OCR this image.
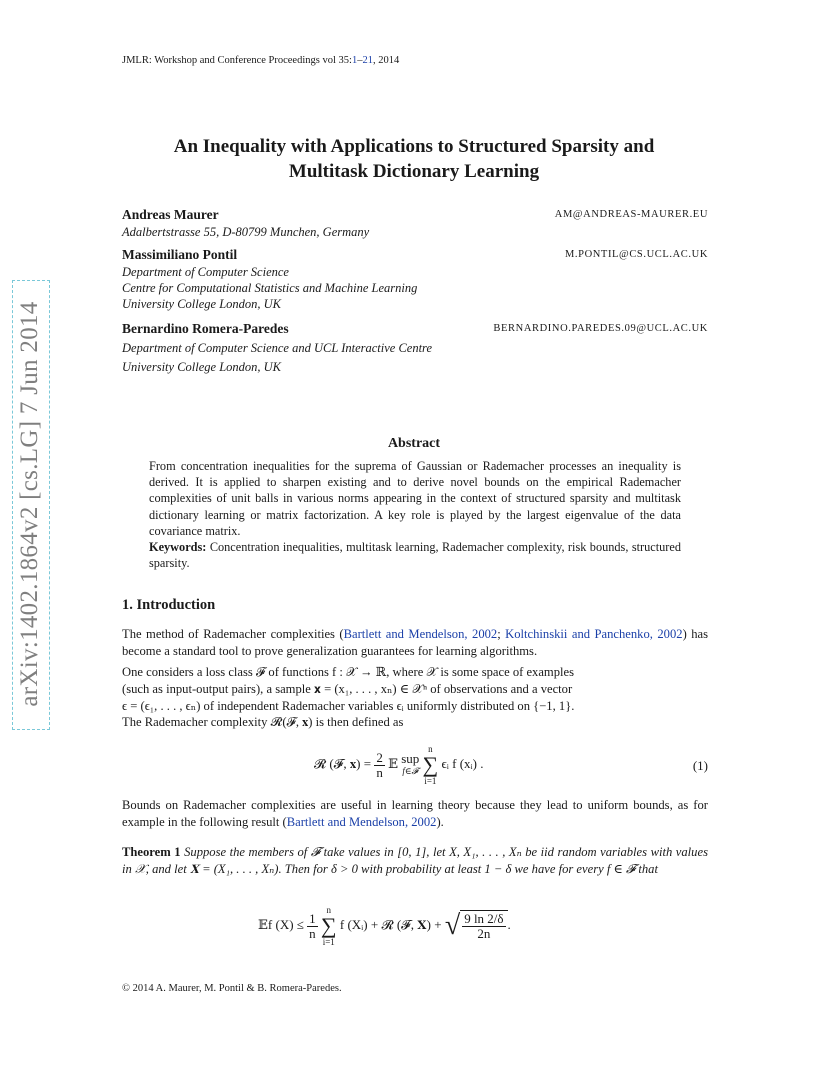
JMLR: Workshop and Conference Proceedings vol 35:1–21, 2014
arXiv:1402.1864v2 [cs.LG] 7 Jun 2014
An Inequality with Applications to Structured Sparsity and
Multitask Dictionary Learning
Andreas Maurer	AM@ANDREAS-MAURER.EU
Adalbertstrasse 55, D-80799 Munchen, Germany
Massimiliano Pontil	M.PONTIL@CS.UCL.AC.UK
Department of Computer Science
Centre for Computational Statistics and Machine Learning
University College London, UK
Bernardino Romera-Paredes	BERNARDINO.PAREDES.09@UCL.AC.UK
Department of Computer Science and UCL Interactive Centre
University College London, UK
Abstract
From concentration inequalities for the suprema of Gaussian or Rademacher processes an inequality is derived. It is applied to sharpen existing and to derive novel bounds on the empirical Rademacher complexities of unit balls in various norms appearing in the context of structured sparsity and multitask dictionary learning or matrix factorization. A key role is played by the largest eigenvalue of the data covariance matrix.
Keywords: Concentration inequalities, multitask learning, Rademacher complexity, risk bounds, structured sparsity.
1. Introduction
The method of Rademacher complexities (Bartlett and Mendelson, 2002; Koltchinskii and Panchenko, 2002) has become a standard tool to prove generalization guarantees for learning algorithms.
One considers a loss class 𝓕 of functions f : 𝒳 → ℝ, where 𝒳 is some space of examples
(such as input-output pairs), a sample 𝐱 = (x₁, . . . , xₙ) ∈ 𝒳ⁿ of observations and a vector
ϵ = (ϵ₁, . . . , ϵₙ) of independent Rademacher variables ϵᵢ uniformly distributed on {−1, 1}.
The Rademacher complexity 𝓡(𝓕, 𝐱) is then defined as
𝓡 (𝓕, 𝐱) = $\frac{2}{n}$ 𝔼 sup
f∈𝓕

n
∑
i=1
ϵᵢ f (xᵢ) .	(1)
Bounds on Rademacher complexities are useful in learning theory because they lead to uniform bounds, as for example in the following result (Bartlett and Mendelson, 2002).
Theorem 1 Suppose the members of 𝓕 take values in [0, 1], let X, X₁, . . . , Xₙ be iid random variables with values in 𝒳, and let 𝐗 = (X₁, . . . , Xₙ). Then for δ > 0 with probability at least 1 − δ we have for every f ∈ 𝓕 that
𝔼f $(X) \le \frac{1}{n}$

n
∑
i=1
f (Xᵢ) + 𝓡 (𝓕, 𝐗) + √ $\frac{9 \ln 2/\delta}{2n}$ .
© 2014 A. Maurer, M. Pontil & B. Romera-Paredes.
